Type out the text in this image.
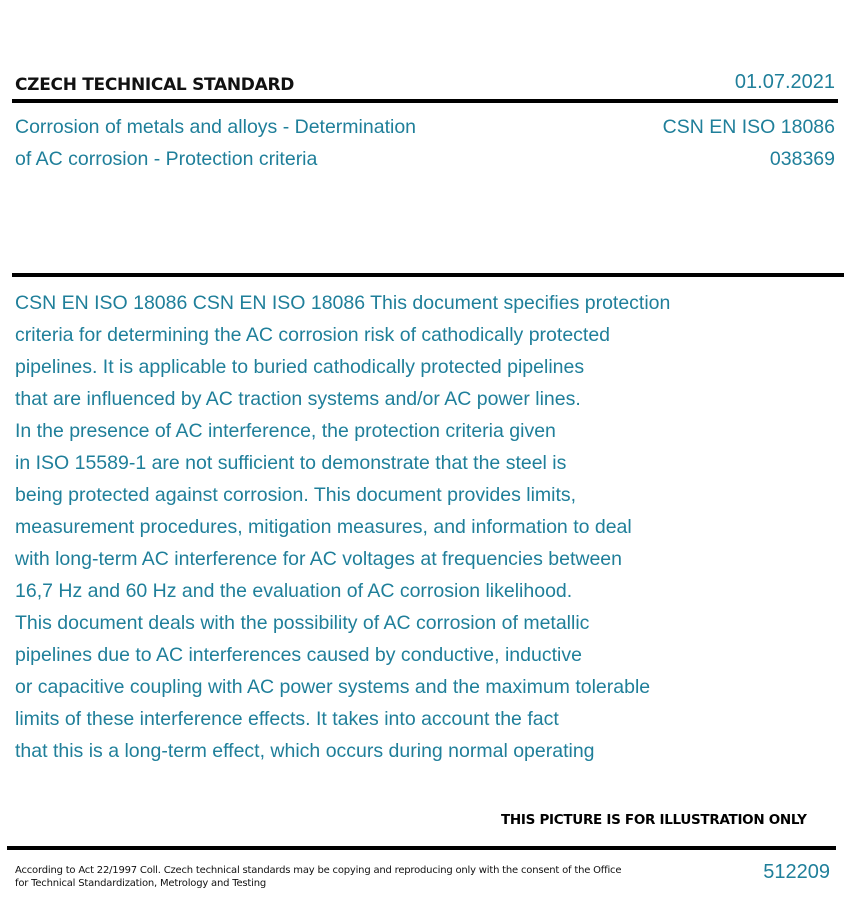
CZECH TECHNICAL STANDARD	01.07.2021
Corrosion of metals and alloys - Determination
of AC corrosion - Protection criteria
CSN EN ISO 18086
038369
CSN EN ISO 18086 CSN EN ISO 18086 This document specifies protection
criteria for determining the AC corrosion risk of cathodically protected
pipelines. It is applicable to buried cathodically protected pipelines
that are influenced by AC traction systems and/or AC power lines.
In the presence of AC interference, the protection criteria given
in ISO 15589-1 are not sufficient to demonstrate that the steel is
being protected against corrosion. This document provides limits,
measurement procedures, mitigation measures, and information to deal
with long-term AC interference for AC voltages at frequencies between
16,7 Hz and 60 Hz and the evaluation of AC corrosion likelihood.
This document deals with the possibility of AC corrosion of metallic
pipelines due to AC interferences caused by conductive, inductive
or capacitive coupling with AC power systems and the maximum tolerable
limits of these interference effects. It takes into account the fact
that this is a long-term effect, which occurs during normal operating
THIS PICTURE IS FOR ILLUSTRATION ONLY
According to Act 22/1997 Coll. Czech technical standards may be copying and reproducing only with the consent of the Office
for Technical Standardization, Metrology and Testing
512209
